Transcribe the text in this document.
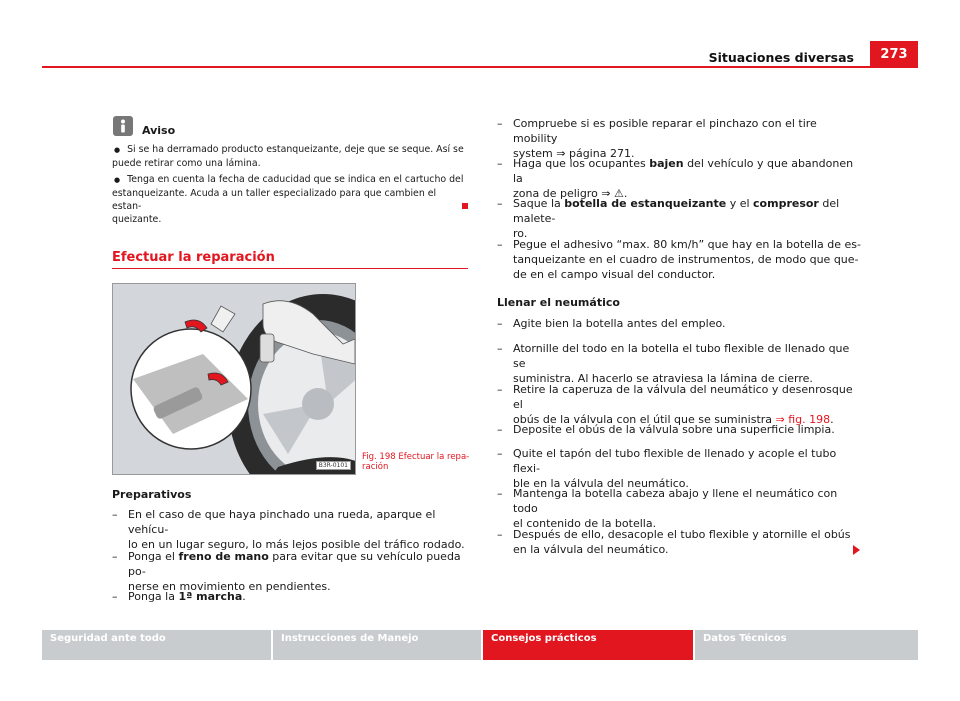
Situaciones diversas	273
Aviso
● Si se ha derramado producto estanqueizante, deje que se seque. Así se
puede retirar como una lámina.
● Tenga en cuenta la fecha de caducidad que se indica en el cartucho del
estanqueizante. Acuda a un taller especializado para que cambien el estan-
queizante.
Efectuar la reparación
B3R-0101
Fig. 198 Efectuar la repa-
ración
Preparativos
– En el caso de que haya pinchado una rueda, aparque el vehícu-
lo en un lugar seguro, lo más lejos posible del tráfico rodado.
– Ponga el freno de mano para evitar que su vehículo pueda po-
nerse en movimiento en pendientes.
– Ponga la 1ª marcha.
– Compruebe si es posible reparar el pinchazo con el tire mobility
system ⇒ página 271.
– Haga que los ocupantes bajen del vehículo y que abandonen la
zona de peligro ⇒ ⚠.
– Saque la botella de estanqueizante y el compresor del malete-
ro.
– Pegue el adhesivo “max. 80 km/h” que hay en la botella de es-
tanqueizante en el cuadro de instrumentos, de modo que que-
de en el campo visual del conductor.
Llenar el neumático
– Agite bien la botella antes del empleo.
– Atornille del todo en la botella el tubo flexible de llenado que se
suministra. Al hacerlo se atraviesa la lámina de cierre.
– Retire la caperuza de la válvula del neumático y desenrosque el
obús de la válvula con el útil que se suministra ⇒ fig. 198.
– Deposite el obús de la válvula sobre una superficie limpia.
– Quite el tapón del tubo flexible de llenado y acople el tubo flexi-
ble en la válvula del neumático.
– Mantenga la botella cabeza abajo y llene el neumático con todo
el contenido de la botella.
– Después de ello, desacople el tubo flexible y atornille el obús
en la válvula del neumático.
Seguridad ante todo	Instrucciones de Manejo	Consejos prácticos	Datos Técnicos
